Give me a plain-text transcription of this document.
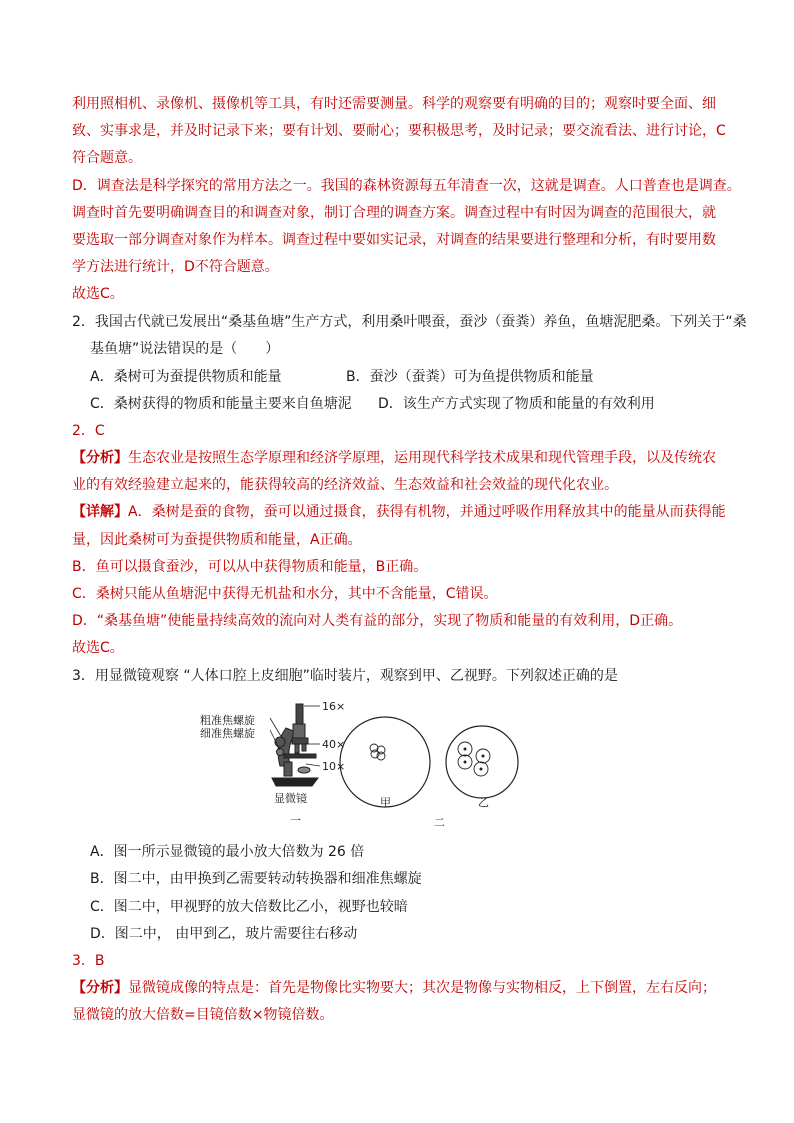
利用照相机、录像机、摄像机等工具，有时还需要测量。科学的观察要有明确的目的；观察时要全面、细
致、实事求是，并及时记录下来；要有计划、要耐心；要积极思考，及时记录；要交流看法、进行讨论，C
符合题意。
D．调查法是科学探究的常用方法之一。我国的森林资源每五年清查一次，这就是调查。人口普查也是调查。
调查时首先要明确调查目的和调查对象，制订合理的调查方案。调查过程中有时因为调查的范围很大，就
要选取一部分调查对象作为样本。调查过程中要如实记录，对调查的结果要进行整理和分析，有时要用数
学方法进行统计，D不符合题意。
故选C。
2．我国古代就已发展出“桑基鱼塘”生产方式，利用桑叶喂蚕，蚕沙（蚕粪）养鱼，鱼塘泥肥桑。下列关于“桑
基鱼塘”说法错误的是（　　）
A．桑树可为蚕提供物质和能量	B．蚕沙（蚕粪）可为鱼提供物质和能量
C．桑树获得的物质和能量主要来自鱼塘泥 D．该生产方式实现了物质和能量的有效利用
2．C
【分析】生态农业是按照生态学原理和经济学原理，运用现代科学技术成果和现代管理手段，以及传统农
业的有效经验建立起来的，能获得较高的经济效益、生态效益和社会效益的现代化农业。
【详解】A．桑树是蚕的食物，蚕可以通过摄食，获得有机物，并通过呼吸作用释放其中的能量从而获得能
量，因此桑树可为蚕提供物质和能量，A正确。
B．鱼可以摄食蚕沙，可以从中获得物质和能量，B正确。
C．桑树只能从鱼塘泥中获得无机盐和水分，其中不含能量，C错误。
D．“桑基鱼塘”使能量持续高效的流向对人类有益的部分，实现了物质和能量的有效利用，D正确。
故选C。
3．用显微镜观察 “人体口腔上皮细胞”临时装片，观察到甲、乙视野。下列叙述正确的是
粗准焦螺旋
细准焦螺旋
16×
40×
10×
显微镜
一
甲	乙
二
A．图一所示显微镜的最小放大倍数为 26 倍
B．图二中，由甲换到乙需要转动转换器和细准焦螺旋
C．图二中，甲视野的放大倍数比乙小，视野也较暗
D．图二中， 由甲到乙，玻片需要往右移动
3．B
【分析】显微镜成像的特点是：首先是物像比实物要大；其次是物像与实物相反，上下倒置，左右反向；
显微镜的放大倍数=目镜倍数×物镜倍数。
